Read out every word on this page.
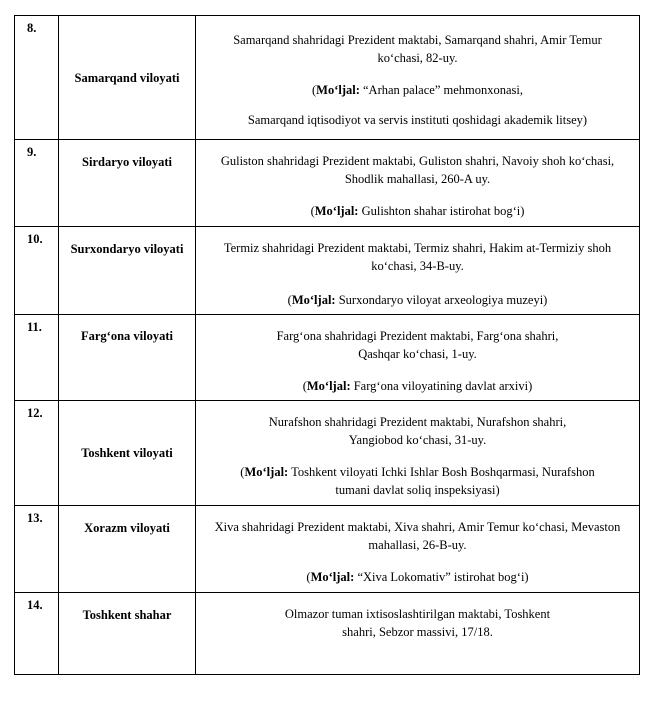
8.	Samarqand viloyati	Samarqand shahridagi Prezident maktabi, Samarqand shahri, Amir Temur ko‘chasi, 82-uy.

(Mo‘ljal: “Arhan palace” mehmonxonasi,

Samarqand iqtisodiyot va servis instituti qoshidagi akademik litsey)

9.	Sirdaryo viloyati	Guliston shahridagi Prezident maktabi, Guliston shahri, Navoiy shoh ko‘chasi, Shodlik mahallasi, 260-A uy.

(Mo‘ljal: Gulishton shahar istirohat bog‘i)

10.	Surxondaryo viloyati	Termiz shahridagi Prezident maktabi, Termiz shahri, Hakim at-Termiziy shoh ko‘chasi, 34-B-uy.

(Mo‘ljal: Surxondaryo viloyat arxeologiya muzeyi)

11.	Farg‘ona viloyati	Farg‘ona shahridagi Prezident maktabi, Farg‘ona shahri, Qashqar ko‘chasi, 1-uy.

(Mo‘ljal: Farg‘ona viloyatining davlat arxivi)

12.	Toshkent viloyati	Nurafshon shahridagi Prezident maktabi, Nurafshon shahri, Yangiobod ko‘chasi, 31-uy.

(Mo‘ljal: Toshkent viloyati Ichki Ishlar Bosh Boshqarmasi, Nurafshon tumani davlat soliq inspeksiyasi)

13.	Xorazm viloyati	Xiva shahridagi Prezident maktabi, Xiva shahri, Amir Temur ko‘chasi, Mevaston mahallasi, 26-B-uy.

(Mo‘ljal: “Xiva Lokomativ” istirohat bog‘i)

14.	Toshkent shahar	Olmazor tuman ixtisoslashtirilgan maktabi, Toshkent shahri, Sebzor massivi, 17/18.
